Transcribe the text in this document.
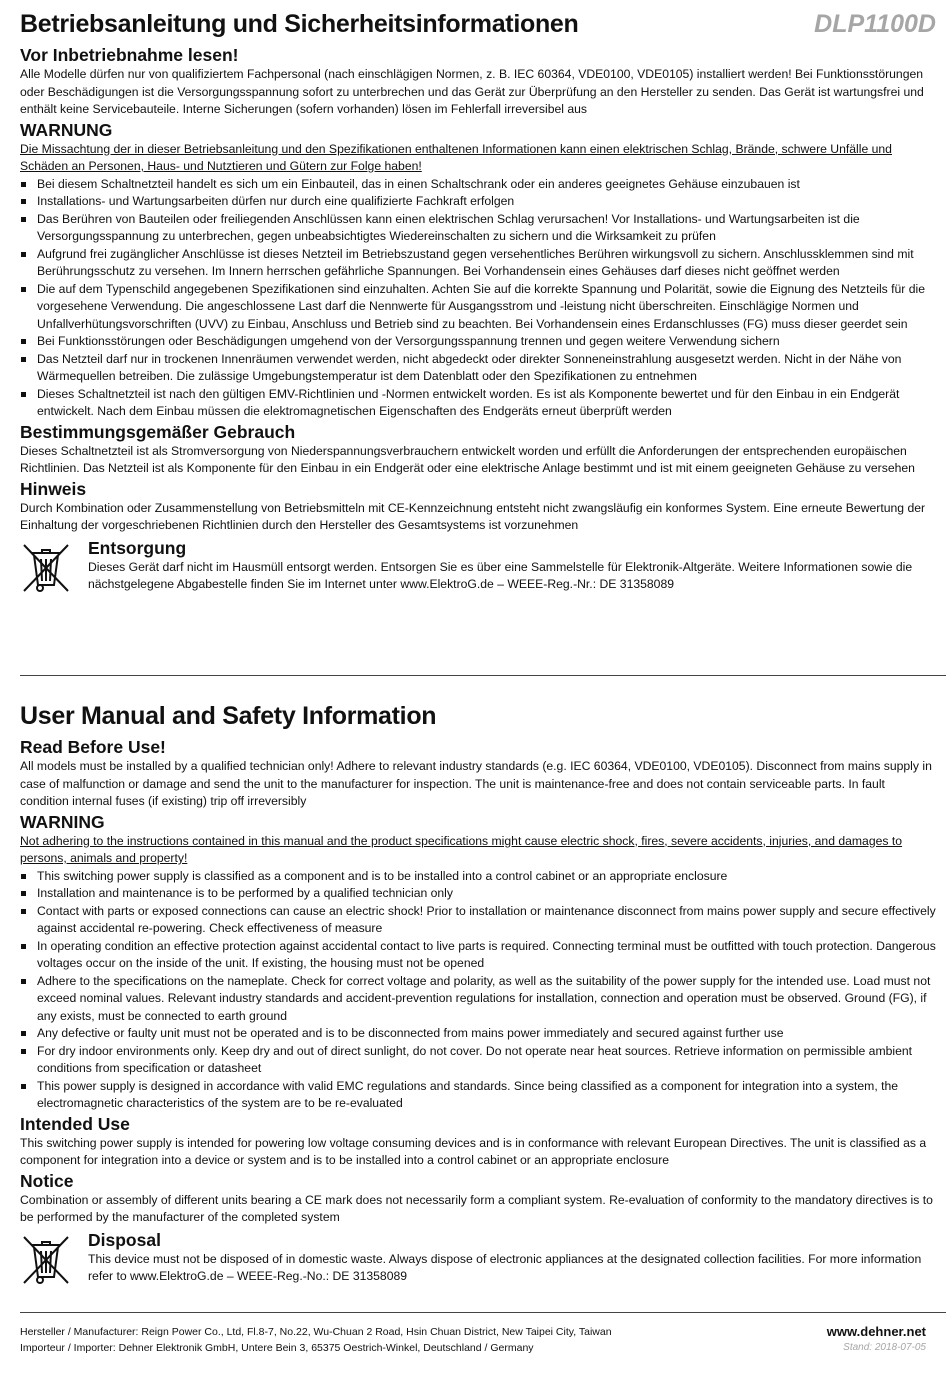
Betriebsanleitung und Sicherheitsinformationen	DLP1100D
Vor Inbetriebnahme lesen!

Alle Modelle dürfen nur von qualifiziertem Fachpersonal (nach einschlägigen Normen, z. B. IEC 60364, VDE0100, VDE0105) installiert werden! Bei Funktionsstörungen oder Beschädigungen ist die Versorgungsspannung sofort zu unterbrechen und das Gerät zur Überprüfung an den Hersteller zu senden. Das Gerät ist wartungsfrei und enthält keine Servicebauteile. Interne Sicherungen (sofern vorhanden) lösen im Fehlerfall irreversibel aus

WARNUNG

Die Missachtung der in dieser Betriebsanleitung und den Spezifikationen enthaltenen Informationen kann einen elektrischen Schlag, Brände, schwere Unfälle und Schäden an Personen, Haus- und Nutztieren und Gütern zur Folge haben!

Bei diesem Schaltnetzteil handelt es sich um ein Einbauteil, das in einen Schaltschrank oder ein anderes geeignetes Gehäuse einzubauen ist
Installations- und Wartungsarbeiten dürfen nur durch eine qualifizierte Fachkraft erfolgen
Das Berühren von Bauteilen oder freiliegenden Anschlüssen kann einen elektrischen Schlag verursachen! Vor Installations- und Wartungsarbeiten ist die Versorgungsspannung zu unterbrechen, gegen unbeabsichtigtes Wiedereinschalten zu sichern und die Wirksamkeit zu prüfen
Aufgrund frei zugänglicher Anschlüsse ist dieses Netzteil im Betriebszustand gegen versehentliches Berühren wirkungsvoll zu sichern. Anschlussklemmen sind mit Berührungsschutz zu versehen. Im Innern herrschen gefährliche Spannungen. Bei Vorhandensein eines Gehäuses darf dieses nicht geöffnet werden
Die auf dem Typenschild angegebenen Spezifikationen sind einzuhalten. Achten Sie auf die korrekte Spannung und Polarität, sowie die Eignung des Netzteils für die vorgesehene Verwendung. Die angeschlossene Last darf die Nennwerte für Ausgangsstrom und -leistung nicht überschreiten. Einschlägige Normen und Unfallverhütungsvorschriften (UVV) zu Einbau, Anschluss und Betrieb sind zu beachten. Bei Vorhandensein eines Erdanschlusses (FG) muss dieser geerdet sein
Bei Funktionsstörungen oder Beschädigungen umgehend von der Versorgungsspannung trennen und gegen weitere Verwendung sichern
Das Netzteil darf nur in trockenen Innenräumen verwendet werden, nicht abgedeckt oder direkter Sonneneinstrahlung ausgesetzt werden. Nicht in der Nähe von Wärmequellen betreiben. Die zulässige Umgebungstemperatur ist dem Datenblatt oder den Spezifikationen zu entnehmen
Dieses Schaltnetzteil ist nach den gültigen EMV-Richtlinien und -Normen entwickelt worden. Es ist als Komponente bewertet und für den Einbau in ein Endgerät entwickelt. Nach dem Einbau müssen die elektromagnetischen Eigenschaften des Endgeräts erneut überprüft werden
Bestimmungsgemäßer Gebrauch

Dieses Schaltnetzteil ist als Stromversorgung von Niederspannungsverbrauchern entwickelt worden und erfüllt die Anforderungen der entsprechenden europäischen Richtlinien. Das Netzteil ist als Komponente für den Einbau in ein Endgerät oder eine elektrische Anlage bestimmt und ist mit einem geeigneten Gehäuse zu versehen

Hinweis

Durch Kombination oder Zusammenstellung von Betriebsmitteln mit CE-Kennzeichnung entsteht nicht zwangsläufig ein konformes System. Eine erneute Bewertung der Einhaltung der vorgeschriebenen Richtlinien durch den Hersteller des Gesamtsystems ist vorzunehmen

Entsorgung

Dieses Gerät darf nicht im Hausmüll entsorgt werden. Entsorgen Sie es über eine Sammelstelle für Elektronik-Altgeräte. Weitere Informationen sowie die nächstgelegene Abgabestelle finden Sie im Internet unter www.ElektroG.de – WEEE-Reg.-Nr.: DE 31358089

User Manual and Safety Information
Read Before Use!

All models must be installed by a qualified technician only! Adhere to relevant industry standards (e.g. IEC 60364, VDE0100, VDE0105). Disconnect from mains supply in case of malfunction or damage and send the unit to the manufacturer for inspection. The unit is maintenance-free and does not contain serviceable parts. In fault condition internal fuses (if existing) trip off irreversibly

WARNING

Not adhering to the instructions contained in this manual and the product specifications might cause electric shock, fires, severe accidents, injuries, and damages to persons, animals and property!

This switching power supply is classified as a component and is to be installed into a control cabinet or an appropriate enclosure
Installation and maintenance is to be performed by a qualified technician only
Contact with parts or exposed connections can cause an electric shock! Prior to installation or maintenance disconnect from mains power supply and secure effectively against accidental re-powering. Check effectiveness of measure
In operating condition an effective protection against accidental contact to live parts is required. Connecting terminal must be outfitted with touch protection. Dangerous voltages occur on the inside of the unit. If existing, the housing must not be opened
Adhere to the specifications on the nameplate. Check for correct voltage and polarity, as well as the suitability of the power supply for the intended use. Load must not exceed nominal values. Relevant industry standards and accident-prevention regulations for installation, connection and operation must be observed. Ground (FG), if any exists, must be connected to earth ground
Any defective or faulty unit must not be operated and is to be disconnected from mains power immediately and secured against further use
For dry indoor environments only. Keep dry and out of direct sunlight, do not cover. Do not operate near heat sources. Retrieve information on permissible ambient conditions from specification or datasheet
This power supply is designed in accordance with valid EMC regulations and standards. Since being classified as a component for integration into a system, the electromagnetic characteristics of the system are to be re-evaluated
Intended Use

This switching power supply is intended for powering low voltage consuming devices and is in conformance with relevant European Directives. The unit is classified as a component for integration into a device or system and is to be installed into a control cabinet or an appropriate enclosure

Notice

Combination or assembly of different units bearing a CE mark does not necessarily form a compliant system. Re-evaluation of conformity to the mandatory directives is to be performed by the manufacturer of the completed system

Disposal

This device must not be disposed of in domestic waste. Always dispose of electronic appliances at the designated collection facilities. For more information refer to www.ElektroG.de – WEEE-Reg.-No.: DE 31358089

Hersteller / Manufacturer: Reign Power Co., Ltd, Fl.8-7, No.22, Wu-Chuan 2 Road, Hsin Chuan District, New Taipei City, Taiwan
Importeur / Importer: Dehner Elektronik GmbH, Untere Bein 3, 65375 Oestrich-Winkel, Deutschland / Germany
www.dehner.net
Stand: 2018-07-05
